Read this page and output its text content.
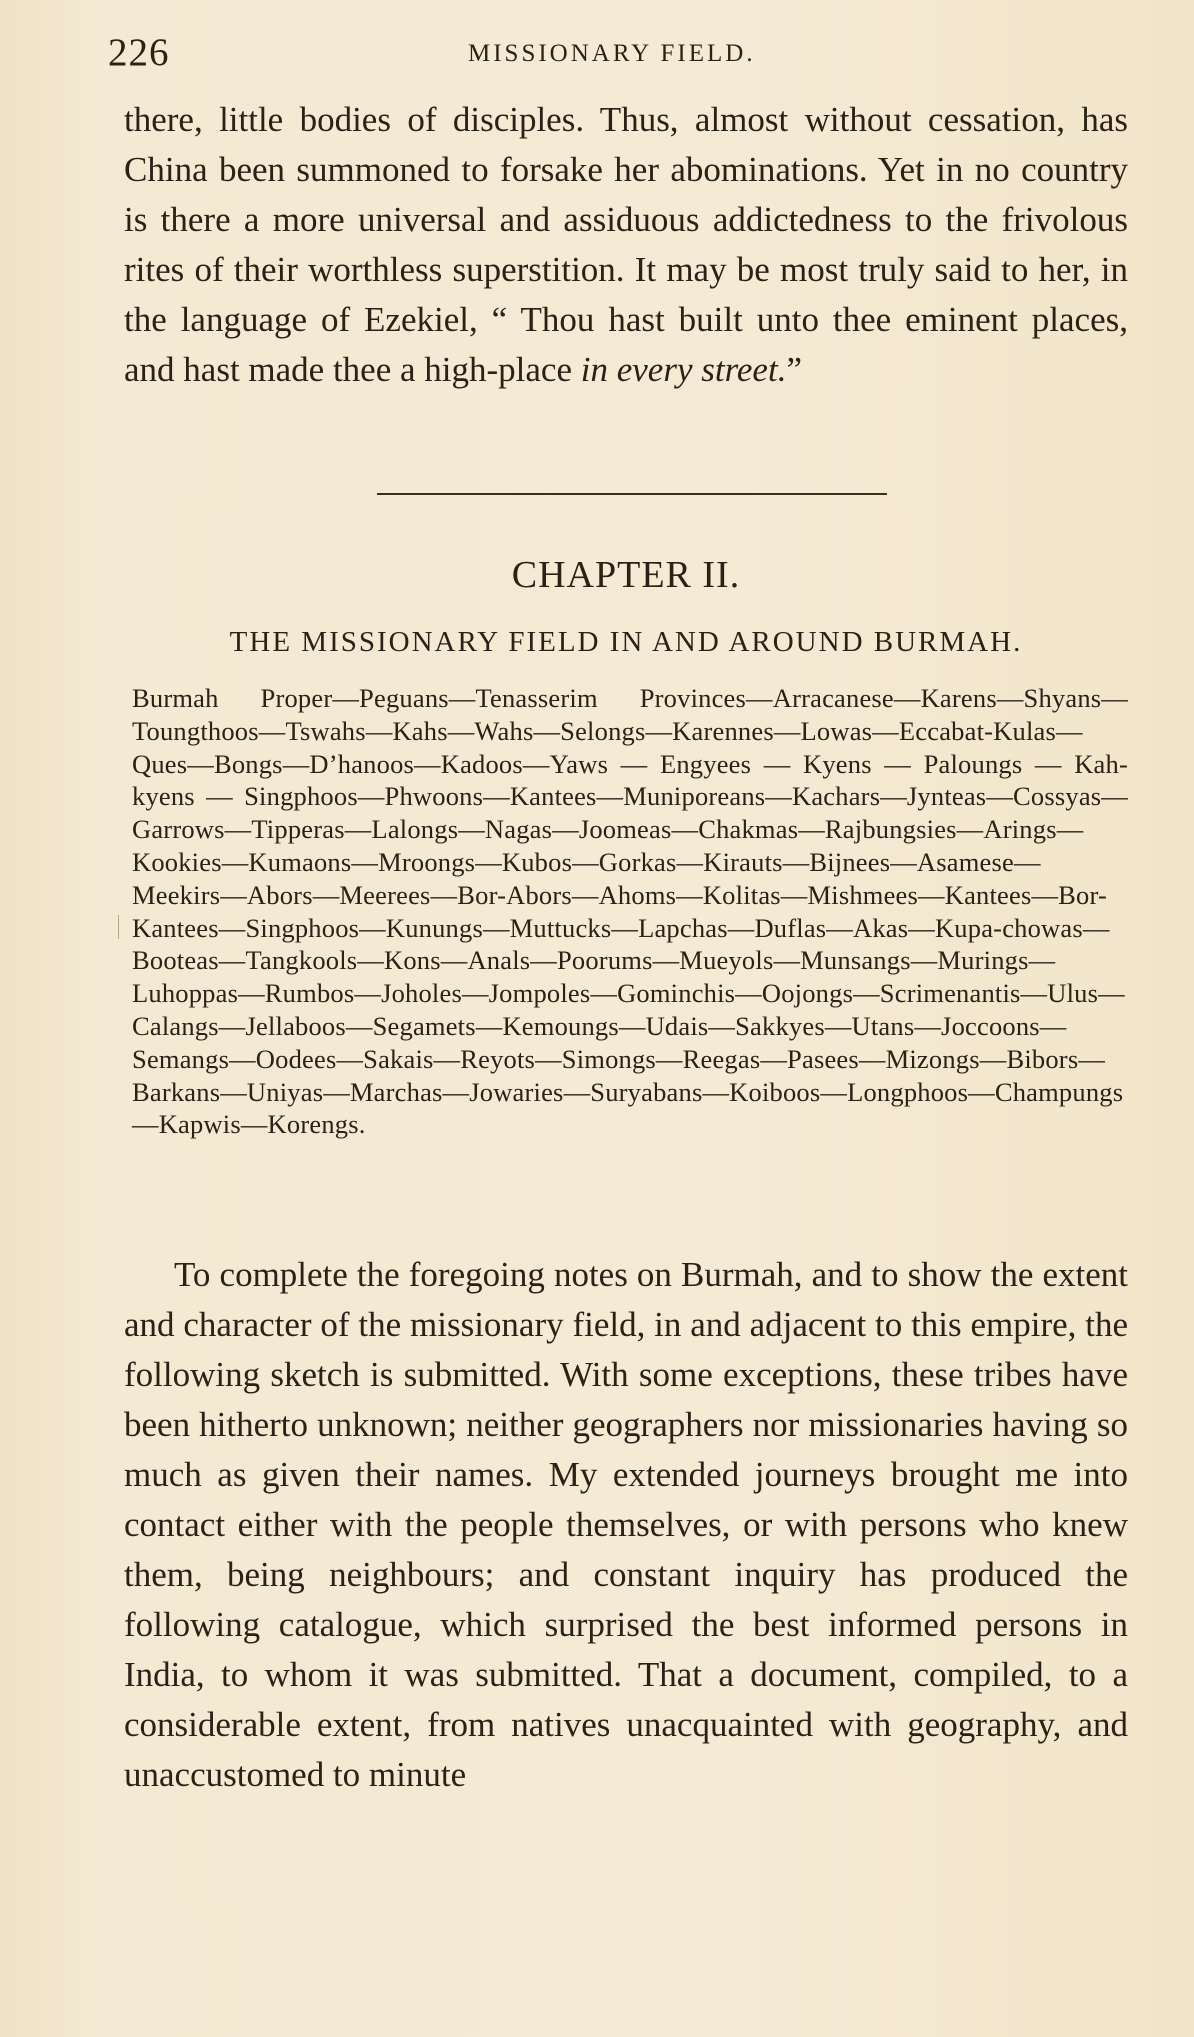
226	MISSIONARY FIELD.

there, little bodies of disciples. Thus, almost without cessation, has China been summoned to forsake her abominations. Yet in no country is there a more universal and assiduous addictedness to the frivolous rites of their worthless superstition. It may be most truly said to her, in the language of Ezekiel, “ Thou hast built unto thee eminent places, and hast made thee a high-place in every street.”

CHAPTER II.
THE MISSIONARY FIELD IN AND AROUND BURMAH.

Burmah Proper—Peguans—Tenasserim Provinces—Arracanese—Karens—Shyans—Toungthoos—Tswahs—Kahs—Wahs—Selongs—Karennes—Lowas—Eccabat-Kulas—Ques—Bongs—D’hanoos—Kadoos—Yaws — Engyees — Kyens — Paloungs — Kah-kyens — Singphoos—Phwoons—Kantees—Muniporeans—Kachars—Jynteas—Cossyas—Garrows—Tipperas—Lalongs—Nagas—Joomeas—Chakmas—Rajbungsies—Arings—Kookies—Kumaons—Mroongs—Kubos—Gorkas—Kirauts—Bijnees—Asamese—Meekirs—Abors—Meerees—Bor-Abors—Ahoms—Kolitas—Mishmees—Kantees—Bor-Kantees—Singphoos—Kunungs—Muttucks—Lapchas—Duflas—Akas—Kupa-chowas—Booteas—Tangkools—Kons—Anals—Poorums—Mueyols—Munsangs—Murings—Luhoppas—Rumbos—Joholes—Jompoles—Gominchis—Oojongs—Scrimenantis—Ulus—Calangs—Jellaboos—Segamets—Kemoungs—Udais—Sakkyes—Utans—Joccoons—Semangs—Oodees—Sakais—Reyots—Simongs—Reegas—Pasees—Mizongs—Bibors—Barkans—Uniyas—Marchas—Jowaries—Suryabans—Koiboos—Longphoos—Champungs—Kapwis—Korengs.

To complete the foregoing notes on Burmah, and to show the extent and character of the missionary field, in and adjacent to this empire, the following sketch is submitted. With some exceptions, these tribes have been hitherto unknown; neither geographers nor missionaries having so much as given their names. My extended journeys brought me into contact either with the people themselves, or with persons who knew them, being neighbours; and constant inquiry has produced the following catalogue, which surprised the best informed persons in India, to whom it was submitted. That a document, compiled, to a considerable extent, from natives unacquainted with geography, and unaccustomed to minute
